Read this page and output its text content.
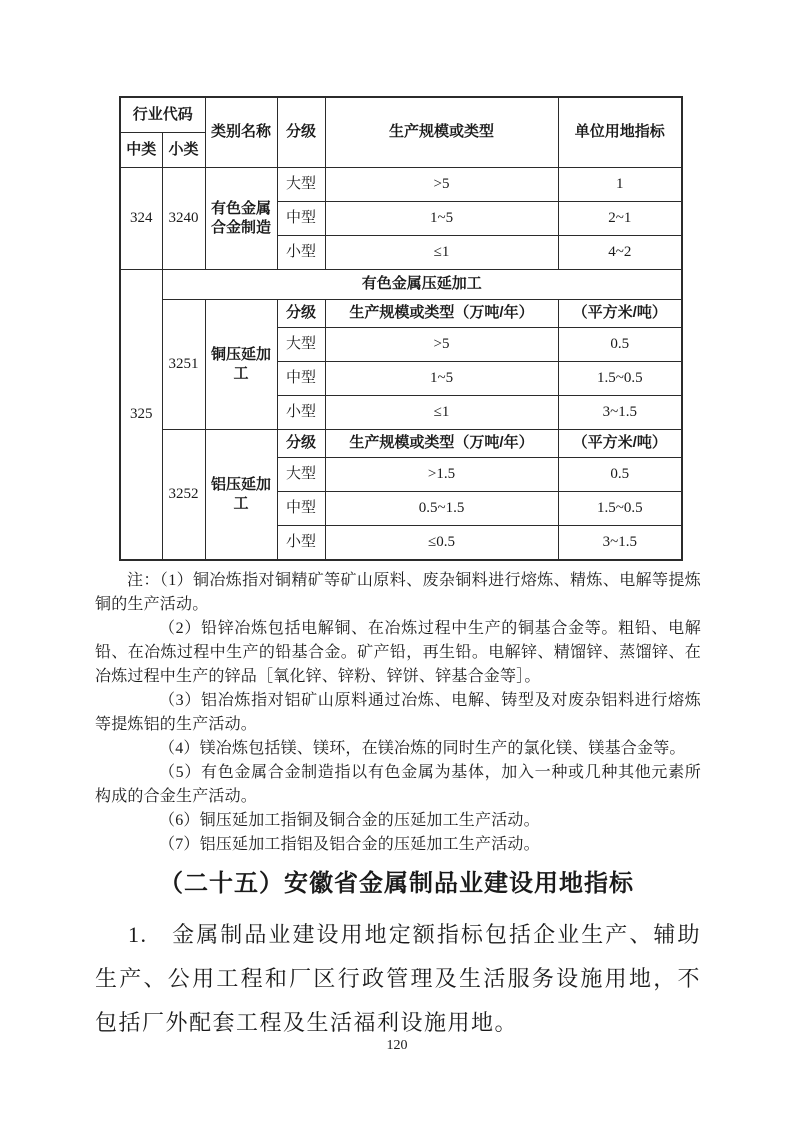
行业代码		类别名称	分级	生产规模或类型	单位用地指标
中类	小类				
324	3240	有色金属合金制造	大型	>5	1
			中型	1~5	2~1
			小型	≤1	4~2
325	有色金属压延加工				
	3251	铜压延加工	分级	生产规模或类型（万吨/年）	（平方米/吨）
			大型	>5	0.5
			中型	1~5	1.5~0.5
			小型	≤1	3~1.5
	3252	铝压延加工	分级	生产规模或类型（万吨/年）	（平方米/吨）
			大型	>1.5	0.5
			中型	0.5~1.5	1.5~0.5
			小型	≤0.5	3~1.5

注：（1）铜冶炼指对铜精矿等矿山原料、废杂铜料进行熔炼、精炼、电解等提炼铜的生产活动。

（2）铅锌冶炼包括电解铜、在冶炼过程中生产的铜基合金等。粗铅、电解铅、在冶炼过程中生产的铅基合金。矿产铅，再生铅。电解锌、精馏锌、蒸馏锌、在冶炼过程中生产的锌品［氧化锌、锌粉、锌饼、锌基合金等］。

（3）铝冶炼指对铝矿山原料通过冶炼、电解、铸型及对废杂铝料进行熔炼等提炼铝的生产活动。

（4）镁冶炼包括镁、镁环，在镁冶炼的同时生产的氯化镁、镁基合金等。

（5）有色金属合金制造指以有色金属为基体，加入一种或几种其他元素所构成的合金生产活动。

（6）铜压延加工指铜及铜合金的压延加工生产活动。

（7）铝压延加工指铝及铝合金的压延加工生产活动。

（二十五）安徽省金属制品业建设用地指标

1.　金属制品业建设用地定额指标包括企业生产、辅助生产、公用工程和厂区行政管理及生活服务设施用地，不包括厂外配套工程及生活福利设施用地。

120
